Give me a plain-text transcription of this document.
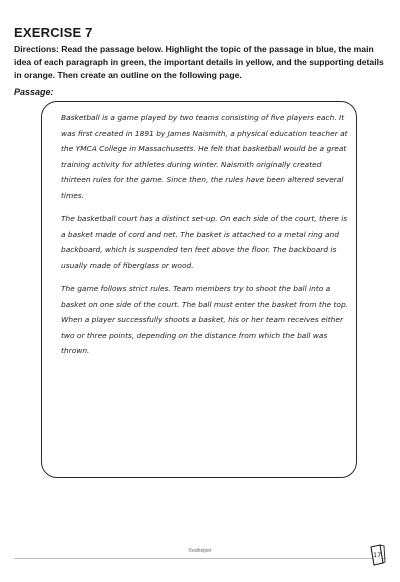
EXERCISE 7
Directions: Read the passage below. Highlight the topic of the passage in blue, the main idea of each paragraph in green, the important details in yellow, and the supporting details in orange. Then create an outline on the following page.
Passage:

Basketball is a game played by two teams consisting of five players each. It was first created in 1891 by James Naismith, a physical education teacher at the YMCA College in Massachusetts. He felt that basketball would be a great training activity for athletes during winter. Naismith originally created thirteen rules for the game. Since then, the rules have been altered several times.

The basketball court has a distinct set-up. On each side of the court, there is a basket made of cord and net. The basket is attached to a metal ring and backboard, which is suspended ten feet above the floor. The backboard is usually made of fiberglass or wood.

The game follows strict rules. Team members try to shoot the ball into a basket on one side of the court. The ball must enter the basket from the top. When a player successfully shoots a basket, his or her team receives either two or three points, depending on the distance from which the ball was thrown.

©edhelper	17
